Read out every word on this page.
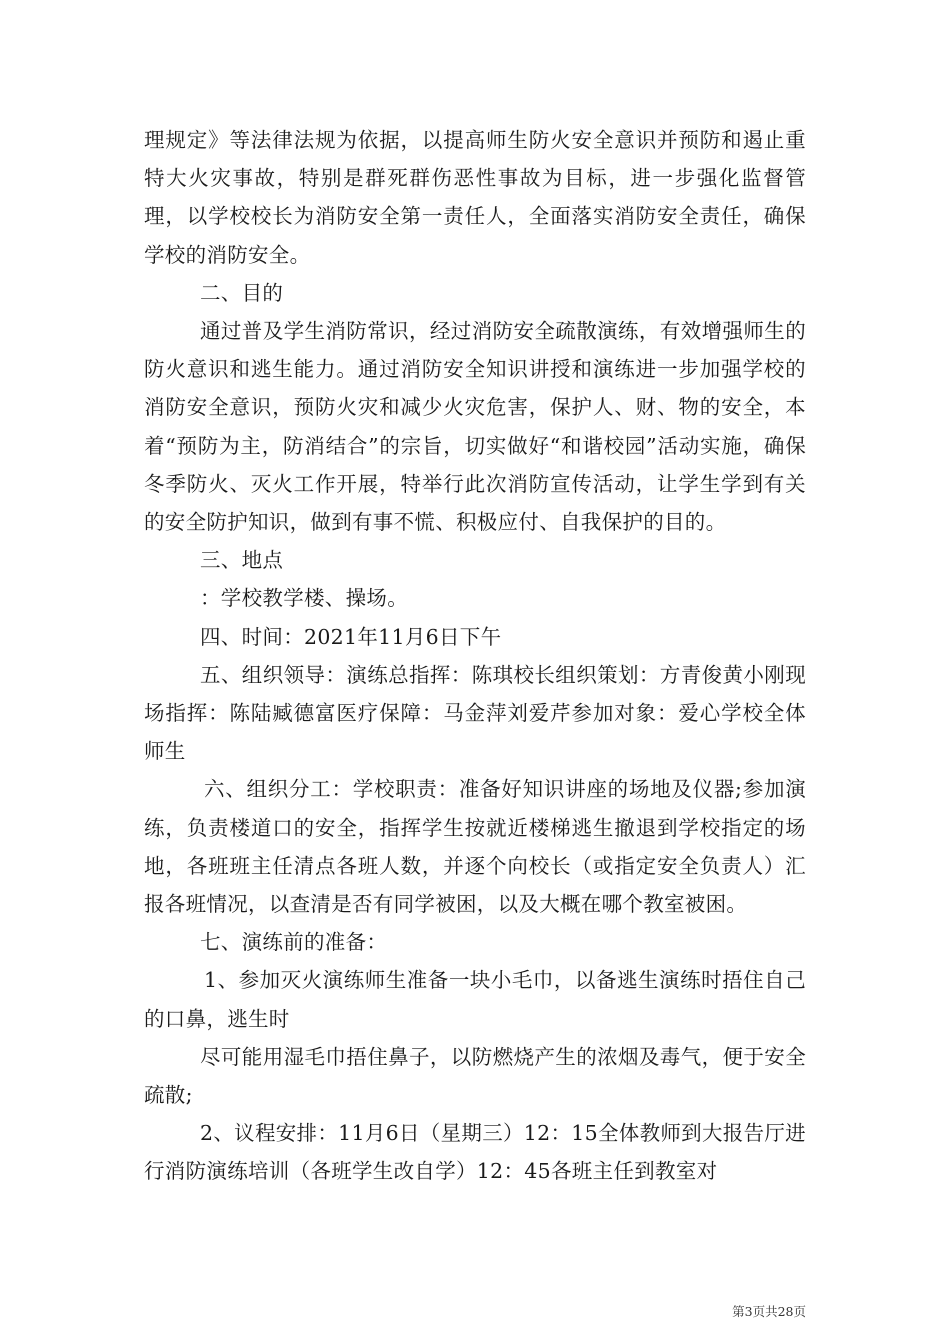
理规定》等法律法规为依据，以提高师生防火安全意识并预防和遏止重特大火灾事故，特别是群死群伤恶性事故为目标，进一步强化监督管理，以学校校长为消防安全第一责任人，全面落实消防安全责任，确保学校的消防安全。

二、目的

通过普及学生消防常识，经过消防安全疏散演练，有效增强师生的防火意识和逃生能力。通过消防安全知识讲授和演练进一步加强学校的消防安全意识，预防火灾和减少火灾危害，保护人、财、物的安全，本着“预防为主，防消结合”的宗旨，切实做好“和谐校园”活动实施，确保冬季防火、灭火工作开展，特举行此次消防宣传活动，让学生学到有关的安全防护知识，做到有事不慌、积极应付、自我保护的目的。

三、地点

：学校教学楼、操场。

四、时间：2021年11月6日下午

五、组织领导：演练总指挥：陈琪校长组织策划：方青俊黄小刚现场指挥：陈陆臧德富医疗保障：马金萍刘爱芹参加对象：爱心学校全体师生

六、组织分工：学校职责：准备好知识讲座的场地及仪器;参加演练，负责楼道口的安全，指挥学生按就近楼梯逃生撤退到学校指定的场地，各班班主任清点各班人数，并逐个向校长（或指定安全负责人）汇报各班情况，以查清是否有同学被困，以及大概在哪个教室被困。

七、演练前的准备：

1、参加灭火演练师生准备一块小毛巾，以备逃生演练时捂住自己的口鼻，逃生时

尽可能用湿毛巾捂住鼻子，以防燃烧产生的浓烟及毒气，便于安全疏散;

2、议程安排：11月6日（星期三）12：15全体教师到大报告厅进行消防演练培训（各班学生改自学）12：45各班主任到教室对

第3页共28页
